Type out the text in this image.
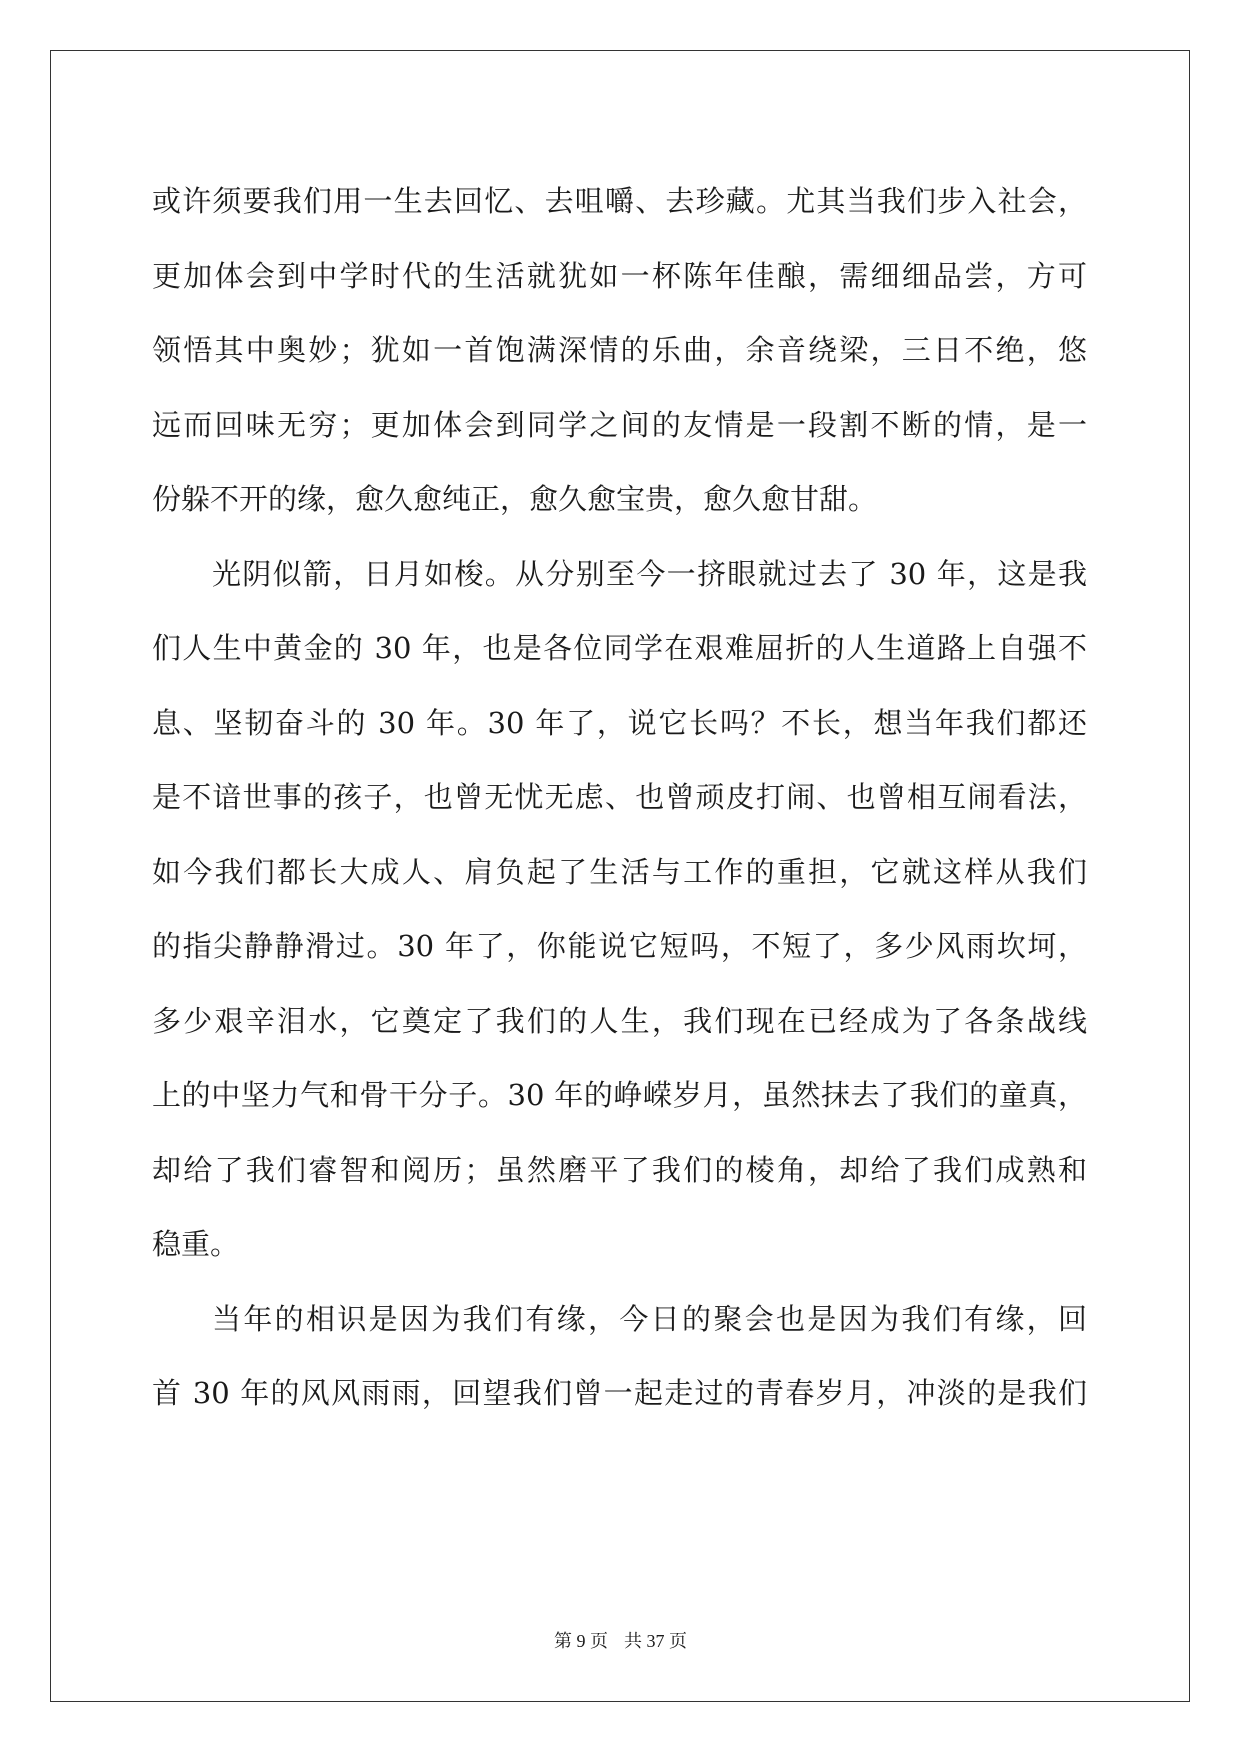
或许须要我们用一生去回忆、去咀嚼、去珍藏。尤其当我们步入社会，

更加体会到中学时代的生活就犹如一杯陈年佳酿，需细细品尝，方可

领悟其中奥妙；犹如一首饱满深情的乐曲，余音绕梁，三日不绝，悠

远而回味无穷；更加体会到同学之间的友情是一段割不断的情，是一

份躲不开的缘，愈久愈纯正，愈久愈宝贵，愈久愈甘甜。

光阴似箭，日月如梭。从分别至今一挤眼就过去了 30 年，这是我

们人生中黄金的 30 年，也是各位同学在艰难屈折的人生道路上自强不

息、坚韧奋斗的 30 年。30 年了，说它长吗？不长，想当年我们都还

是不谙世事的孩子，也曾无忧无虑、也曾顽皮打闹、也曾相互闹看法，

如今我们都长大成人、肩负起了生活与工作的重担，它就这样从我们

的指尖静静滑过。30 年了，你能说它短吗，不短了，多少风雨坎坷，

多少艰辛泪水，它奠定了我们的人生，我们现在已经成为了各条战线

上的中坚力气和骨干分子。30 年的峥嵘岁月，虽然抹去了我们的童真，

却给了我们睿智和阅历；虽然磨平了我们的棱角，却给了我们成熟和

稳重。

当年的相识是因为我们有缘，今日的聚会也是因为我们有缘，回

首 30 年的风风雨雨，回望我们曾一起走过的青春岁月，冲淡的是我们

第 9 页 共 37 页
